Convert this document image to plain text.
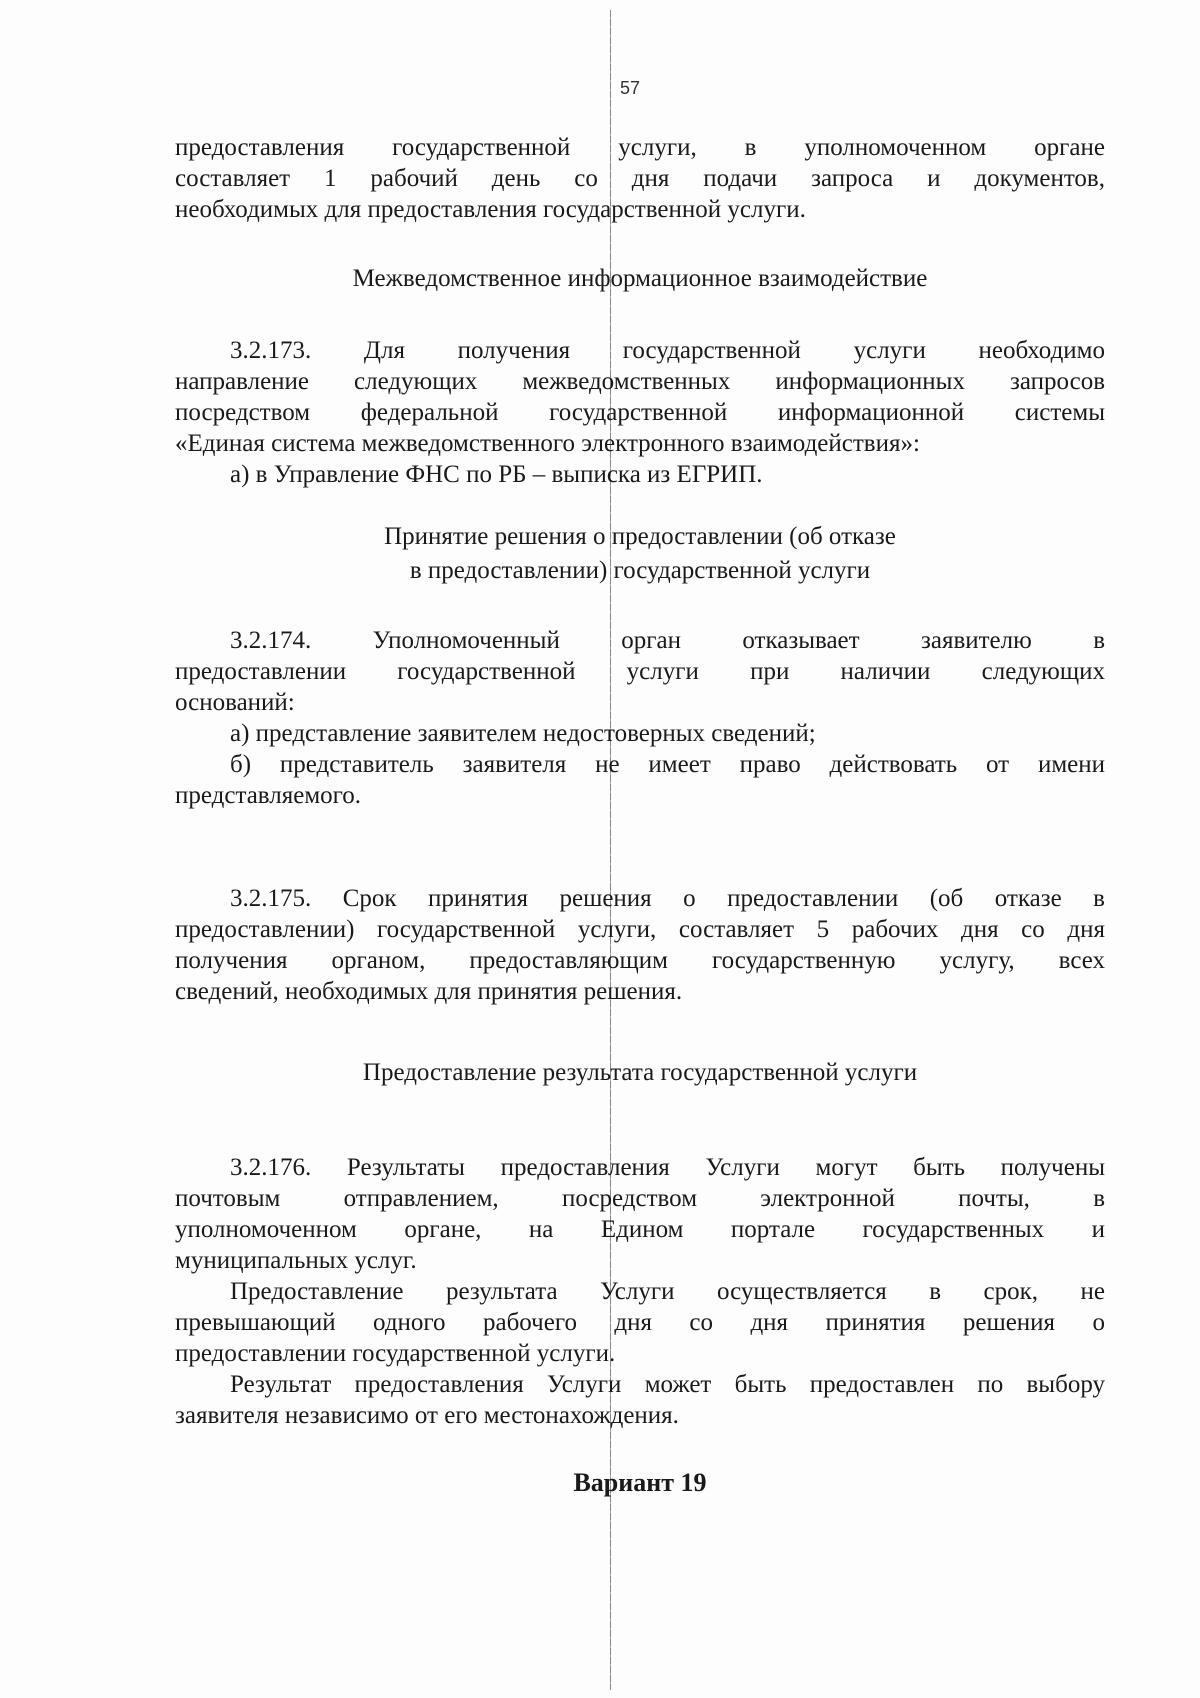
57
предоставления государственной услуги, в уполномоченном органе
составляет 1 рабочий день со дня подачи запроса и документов,
необходимых для предоставления государственной услуги.
Межведомственное информационное взаимодействие
3.2.173. Для получения государственной услуги необходимо
направление следующих межведомственных информационных запросов
посредством федеральной государственной информационной системы
«Единая система межведомственного электронного взаимодействия»:
а) в Управление ФНС по РБ – выписка из ЕГРИП.
Принятие решения о предоставлении (об отказе
в предоставлении) государственной услуги
3.2.174. Уполномоченный орган отказывает заявителю в
предоставлении государственной услуги при наличии следующих
оснований:
а) представление заявителем недостоверных сведений;
б) представитель заявителя не имеет право действовать от имени
представляемого.
3.2.175. Срок принятия решения о предоставлении (об отказе в
предоставлении) государственной услуги, составляет 5 рабочих дня со дня
получения органом, предоставляющим государственную услугу, всех
сведений, необходимых для принятия решения.
Предоставление результата государственной услуги
3.2.176. Результаты предоставления Услуги могут быть получены
почтовым отправлением, посредством электронной почты, в
уполномоченном органе, на Едином портале государственных и
муниципальных услуг.
Предоставление результата Услуги осуществляется в срок, не
превышающий одного рабочего дня со дня принятия решения о
предоставлении государственной услуги.
Результат предоставления Услуги может быть предоставлен по выбору
заявителя независимо от его местонахождения.
Вариант 19
